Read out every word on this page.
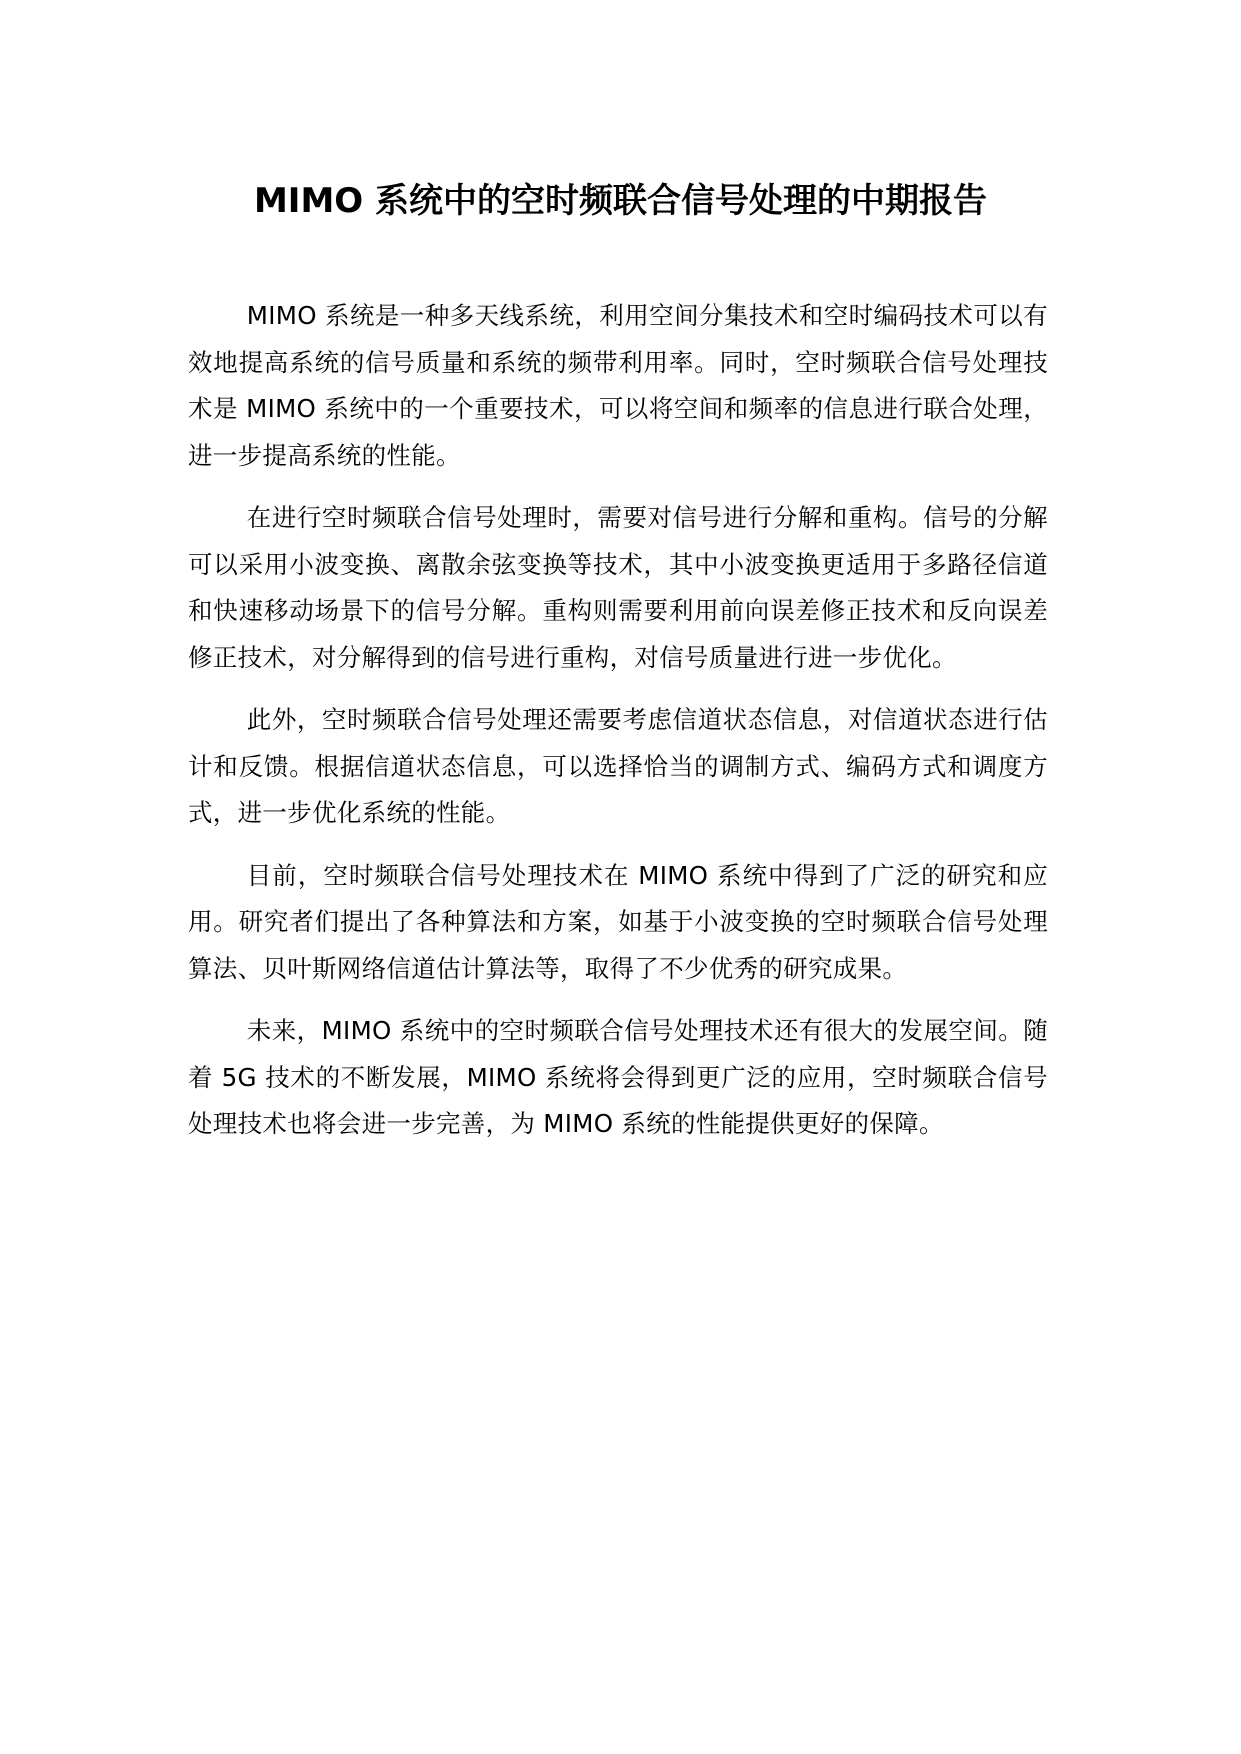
MIMO 系统中的空时频联合信号处理的中期报告

MIMO 系统是一种多天线系统，利用空间分集技术和空时编码技术可以有效地提高系统的信号质量和系统的频带利用率。同时，空时频联合信号处理技术是 MIMO 系统中的一个重要技术，可以将空间和频率的信息进行联合处理，进一步提高系统的性能。

在进行空时频联合信号处理时，需要对信号进行分解和重构。信号的分解可以采用小波变换、离散余弦变换等技术，其中小波变换更适用于多路径信道和快速移动场景下的信号分解。重构则需要利用前向误差修正技术和反向误差修正技术，对分解得到的信号进行重构，对信号质量进行进一步优化。

此外，空时频联合信号处理还需要考虑信道状态信息，对信道状态进行估计和反馈。根据信道状态信息，可以选择恰当的调制方式、编码方式和调度方式，进一步优化系统的性能。

目前，空时频联合信号处理技术在 MIMO 系统中得到了广泛的研究和应用。研究者们提出了各种算法和方案，如基于小波变换的空时频联合信号处理算法、贝叶斯网络信道估计算法等，取得了不少优秀的研究成果。

未来，MIMO 系统中的空时频联合信号处理技术还有很大的发展空间。随着 5G 技术的不断发展，MIMO 系统将会得到更广泛的应用，空时频联合信号处理技术也将会进一步完善，为 MIMO 系统的性能提供更好的保障。
